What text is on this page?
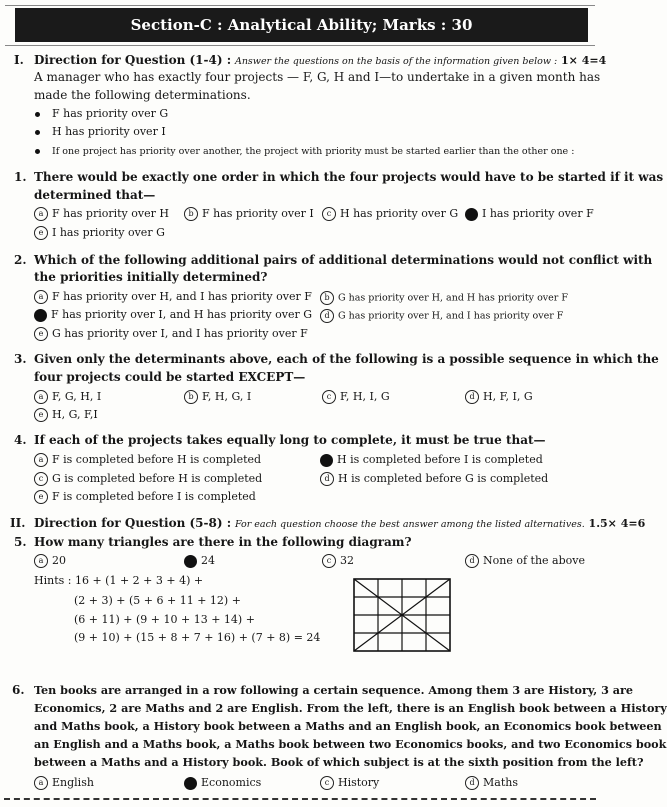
Section-C : Analytical Ability; Marks : 30
I. Direction for Question (1-4) : Answer the questions on the basis of the information given below : 1× 4=4
A manager who has exactly four projects — F, G, H and I—to undertake in a given month has
made the following determinations.
F has priority over G
H has priority over I
If one project has priority over another, the project with priority must be started earlier than the other one :
1. There would be exactly one order in which the four projects would have to be started if it was
determined that—
a F has priority over H	b F has priority over I	c H has priority over G	I has priority over F
e I has priority over G
2. Which of the following additional pairs of additional determinations would not conflict with
the priorities initially determined?
a F has priority over H, and I has priority over F	b G has priority over H, and H has priority over F
F has priority over I, and H has priority over G	d G has priority over H, and I has priority over F
e G has priority over I, and I has priority over F
3. Given only the determinants above, each of the following is a possible sequence in which the
four projects could be started EXCEPT—
a F, G, H, I	b F, H, G, I	c F, H, I, G	d H, F, I, G
e H, G, F,I
4. If each of the projects takes equally long to complete, it must be true that—
a F is completed before H is completed	H is completed before I is completed
c G is completed before H is completed	d H is completed before G is completed
e F is completed before I is completed
II. Direction for Question (5-8) : For each question choose the best answer among the listed alternatives. 1.5× 4=6
5. How many triangles are there in the following diagram?
a 20	24	c 32	d None of the above
Hints : 16 + (1 + 2 + 3 + 4) +
(2 + 3) + (5 + 6 + 11 + 12) +
(6 + 11) + (9 + 10 + 13 + 14) +
(9 + 10) + (15 + 8 + 7 + 16) + (7 + 8) = 24
6. Ten books are arranged in a row following a certain sequence. Among them 3 are History, 3 are
Economics, 2 are Maths and 2 are English. From the left, there is an English book between a History
and Maths book, a History book between a Maths and an English book, an Economics book between
an English and a Maths book, a Maths book between two Economics books, and two Economics book
between a Maths and a History book. Book of which subject is at the sixth position from the left?
a English	Economics	c History	d Maths
